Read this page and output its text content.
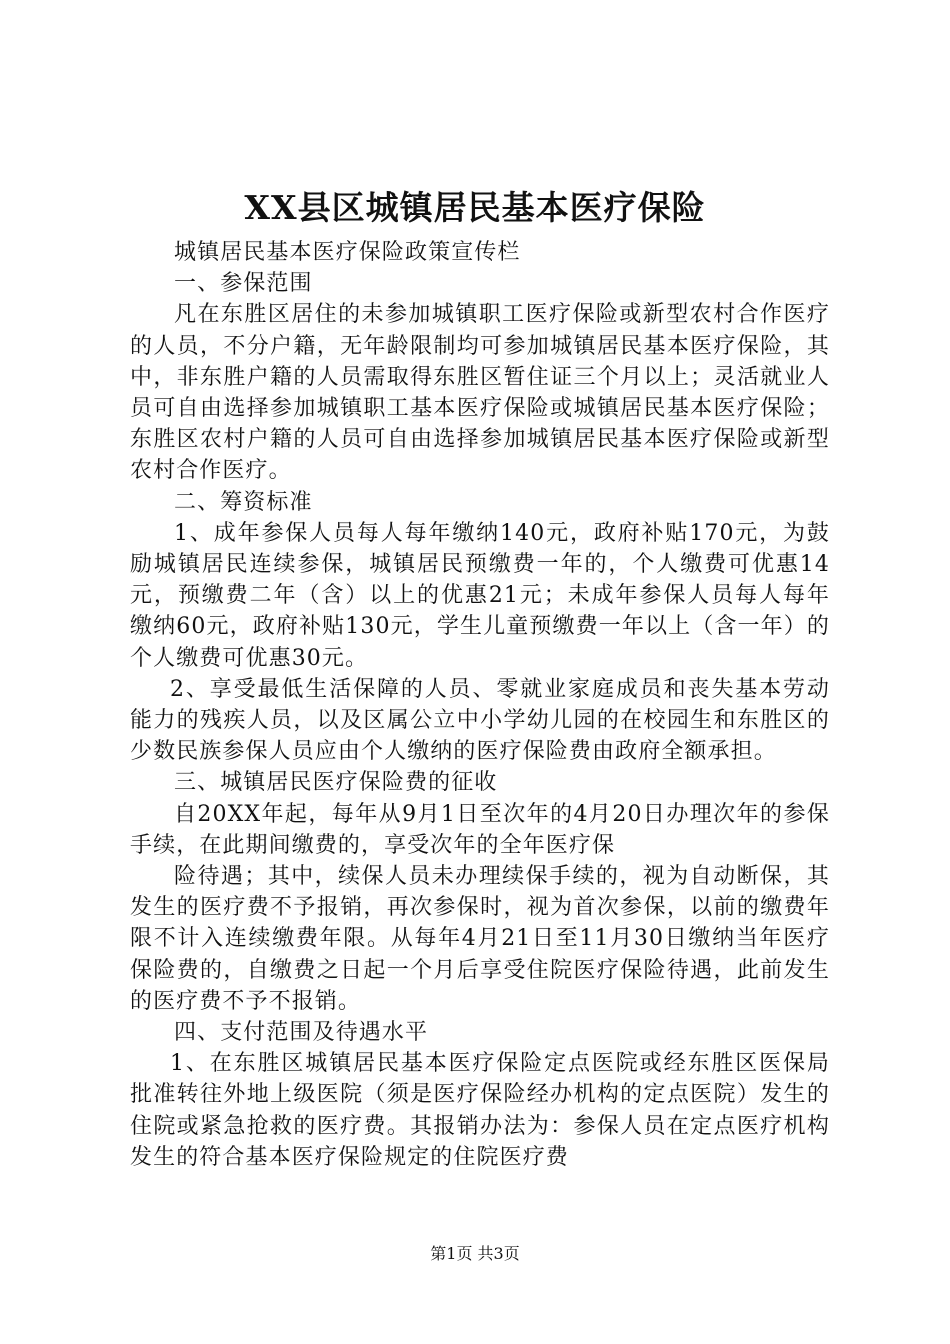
XX县区城镇居民基本医疗保险

城镇居民基本医疗保险政策宣传栏

一、参保范围

凡在东胜区居住的未参加城镇职工医疗保险或新型农村合作医疗的人员，不分户籍，无年龄限制均可参加城镇居民基本医疗保险，其中，非东胜户籍的人员需取得东胜区暂住证三个月以上；灵活就业人员可自由选择参加城镇职工基本医疗保险或城镇居民基本医疗保险；东胜区农村户籍的人员可自由选择参加城镇居民基本医疗保险或新型农村合作医疗。

二、筹资标准

1、成年参保人员每人每年缴纳140元，政府补贴170元，为鼓励城镇居民连续参保，城镇居民预缴费一年的，个人缴费可优惠14元，预缴费二年（含）以上的优惠21元；未成年参保人员每人每年缴纳60元，政府补贴130元，学生儿童预缴费一年以上（含一年）的个人缴费可优惠30元。

2、享受最低生活保障的人员、零就业家庭成员和丧失基本劳动能力的残疾人员，以及区属公立中小学幼儿园的在校园生和东胜区的少数民族参保人员应由个人缴纳的医疗保险费由政府全额承担。

三、城镇居民医疗保险费的征收

自20XX年起，每年从9月1日至次年的4月20日办理次年的参保手续，在此期间缴费的，享受次年的全年医疗保

险待遇；其中，续保人员未办理续保手续的，视为自动断保，其发生的医疗费不予报销，再次参保时，视为首次参保，以前的缴费年限不计入连续缴费年限。从每年4月21日至11月30日缴纳当年医疗保险费的，自缴费之日起一个月后享受住院医疗保险待遇，此前发生的医疗费不予不报销。

四、支付范围及待遇水平

1、在东胜区城镇居民基本医疗保险定点医院或经东胜区医保局批准转往外地上级医院（须是医疗保险经办机构的定点医院）发生的住院或紧急抢救的医疗费。其报销办法为：参保人员在定点医疗机构发生的符合基本医疗保险规定的住院医疗费

第1页 共3页
